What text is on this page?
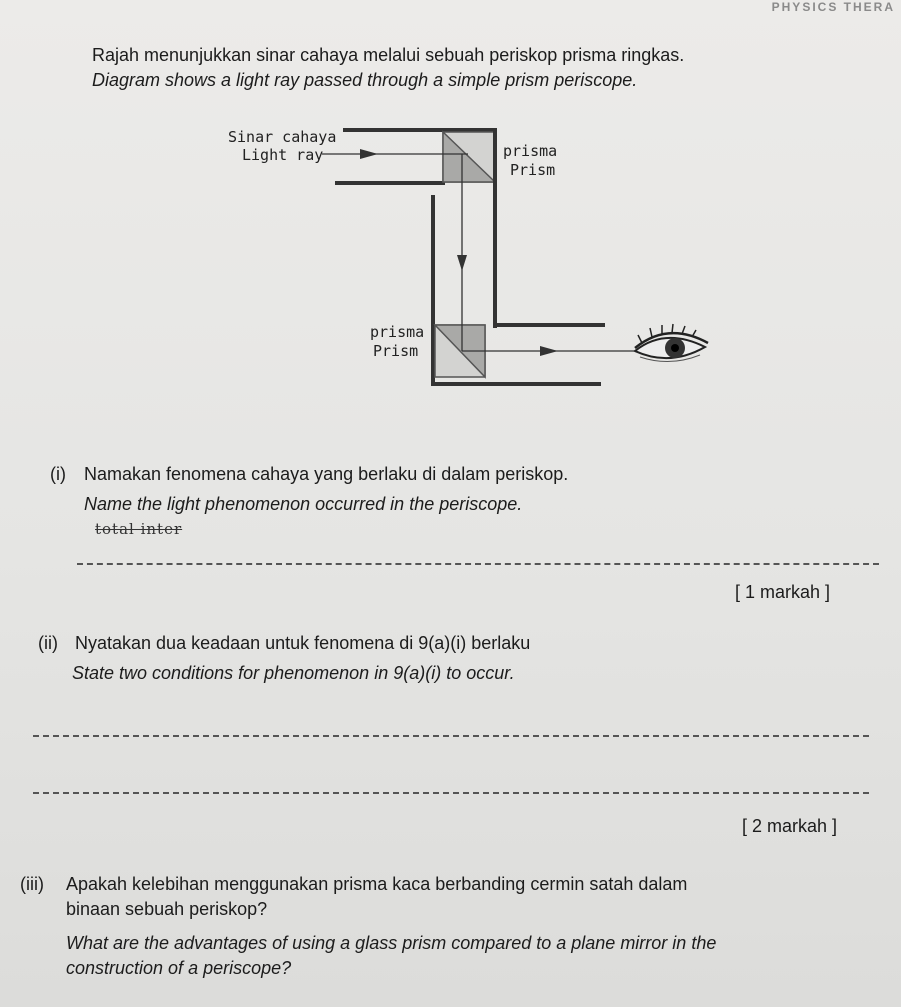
PHYSICS THERA
Rajah menunjukkan sinar cahaya melalui sebuah periskop prisma ringkas.
Diagram shows a light ray passed through a simple prism periscope.
Sinar cahaya
Light ray	prisma
Prism
prisma
Prism
(i) Namakan fenomena cahaya yang berlaku di dalam periskop.
Name the light phenomenon occurred in the periscope.
total inter
[ 1 markah ]
(ii) Nyatakan dua keadaan untuk fenomena di 9(a)(i) berlaku
State two conditions for phenomenon in 9(a)(i) to occur.
[ 2 markah ]
(iii) Apakah kelebihan menggunakan prisma kaca berbanding cermin satah dalam
binaan sebuah periskop?
What are the advantages of using a glass prism compared to a plane mirror in the
construction of a periscope?
